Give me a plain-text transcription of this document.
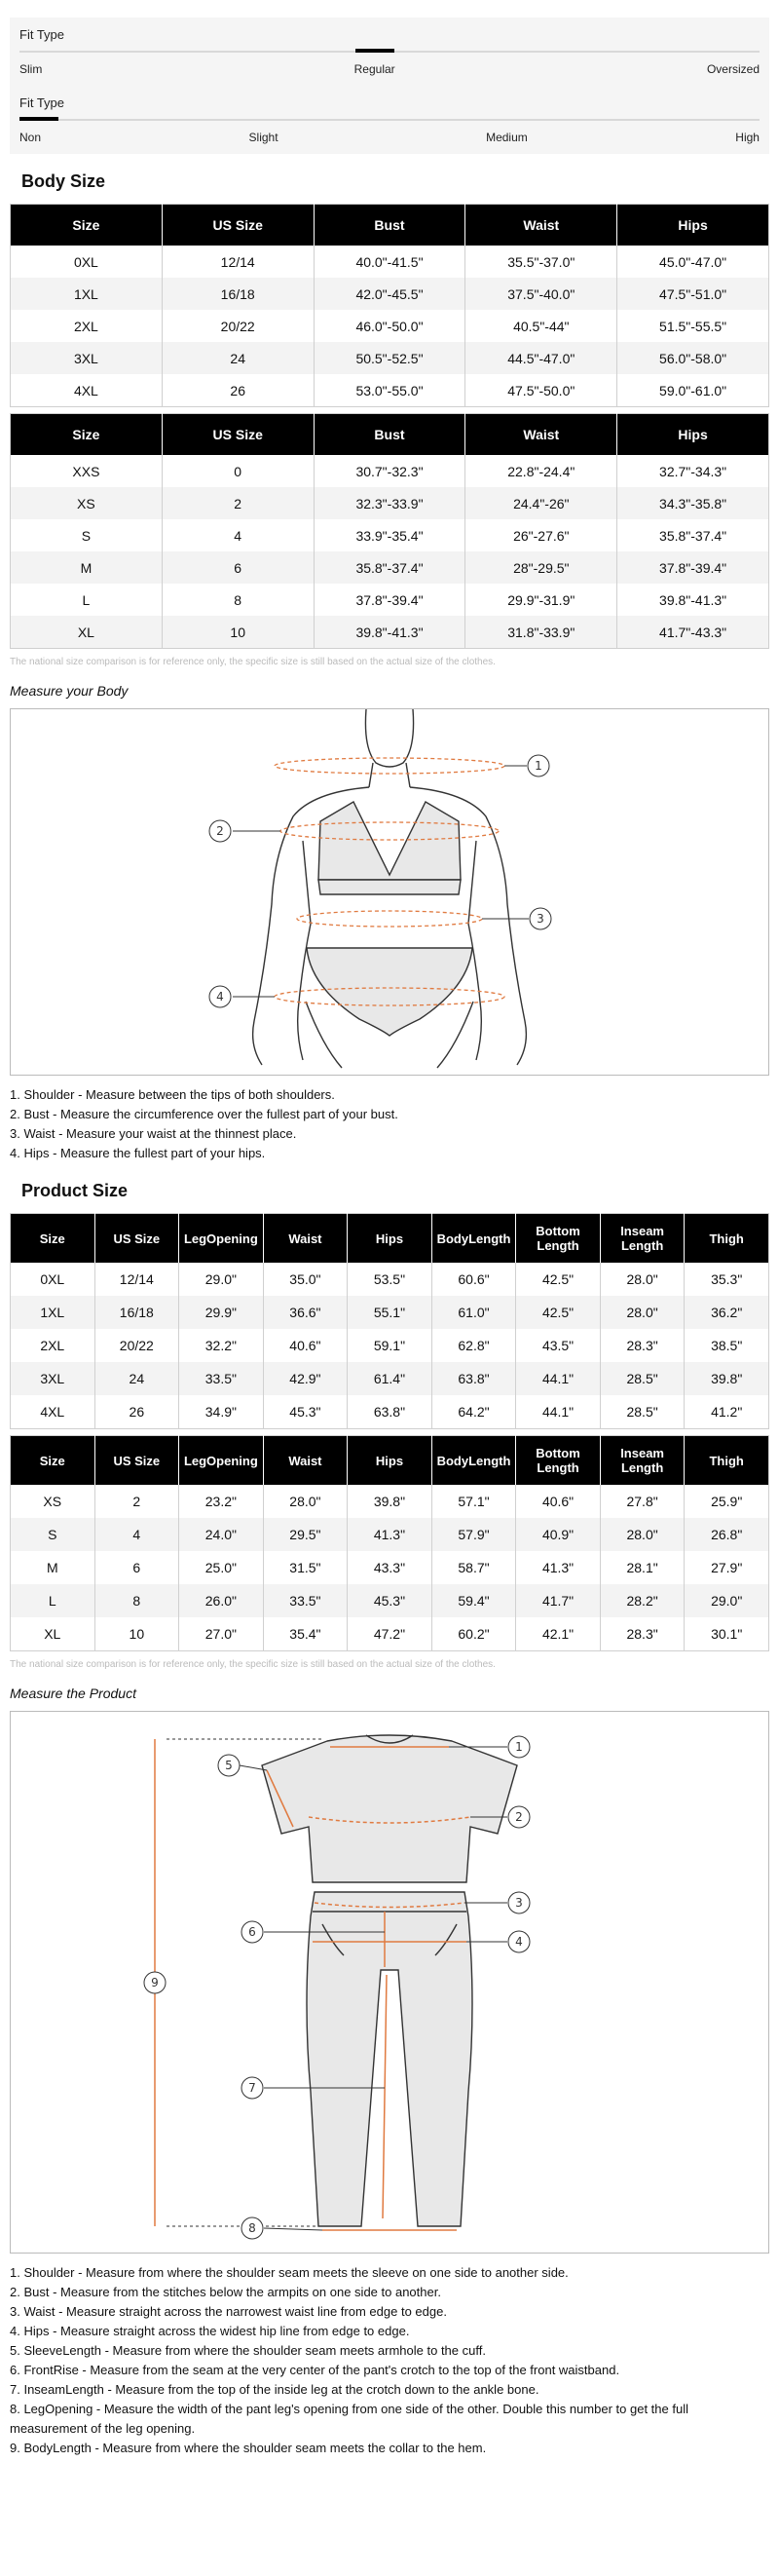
Fit Type
Slim	Regular	Oversized
Fit Type
Non	Slight	Medium	High
Body Size
Size	US Size	Bust	Waist	Hips
0XL	12/14	40.0"-41.5"	35.5"-37.0"	45.0"-47.0"
1XL	16/18	42.0"-45.5"	37.5"-40.0"	47.5"-51.0"
2XL	20/22	46.0"-50.0"	40.5"-44"	51.5"-55.5"
3XL	24	50.5"-52.5"	44.5"-47.0"	56.0"-58.0"
4XL	26	53.0"-55.0"	47.5"-50.0"	59.0"-61.0"
Size	US Size	Bust	Waist	Hips
XXS	0	30.7"-32.3"	22.8"-24.4"	32.7"-34.3"
XS	2	32.3"-33.9"	24.4"-26"	34.3"-35.8"
S	4	33.9"-35.4"	26"-27.6"	35.8"-37.4"
M	6	35.8"-37.4"	28"-29.5"	37.8"-39.4"
L	8	37.8"-39.4"	29.9"-31.9"	39.8"-41.3"
XL	10	39.8"-41.3"	31.8"-33.9"	41.7"-43.3"
The national size comparison is for reference only, the specific size is still based on the actual size of the clothes.
Measure your Body
1
2
3
4
1. Shoulder - Measure between the tips of both shoulders.
2. Bust - Measure the circumference over the fullest part of your bust.
3. Waist - Measure your waist at the thinnest place.
4. Hips - Measure the fullest part of your hips.
Product Size
Size	US Size	LegOpening	Waist	Hips	BodyLength	Bottom Length	Inseam Length	Thigh
0XL	12/14	29.0"	35.0"	53.5"	60.6"	42.5"	28.0"	35.3"
1XL	16/18	29.9"	36.6"	55.1"	61.0"	42.5"	28.0"	36.2"
2XL	20/22	32.2"	40.6"	59.1"	62.8"	43.5"	28.3"	38.5"
3XL	24	33.5"	42.9"	61.4"	63.8"	44.1"	28.5"	39.8"
4XL	26	34.9"	45.3"	63.8"	64.2"	44.1"	28.5"	41.2"
Size	US Size	LegOpening	Waist	Hips	BodyLength	Bottom Length	Inseam Length	Thigh
XS	2	23.2"	28.0"	39.8"	57.1"	40.6"	27.8"	25.9"
S	4	24.0"	29.5"	41.3"	57.9"	40.9"	28.0"	26.8"
M	6	25.0"	31.5"	43.3"	58.7"	41.3"	28.1"	27.9"
L	8	26.0"	33.5"	45.3"	59.4"	41.7"	28.2"	29.0"
XL	10	27.0"	35.4"	47.2"	60.2"	42.1"	28.3"	30.1"
The national size comparison is for reference only, the specific size is still based on the actual size of the clothes.
Measure the Product
1
2
3
4
5
6
7
8
9
1. Shoulder - Measure from where the shoulder seam meets the sleeve on one side to another side.
2. Bust - Measure from the stitches below the armpits on one side to another.
3. Waist - Measure straight across the narrowest waist line from edge to edge.
4. Hips - Measure straight across the widest hip line from edge to edge.
5. SleeveLength - Measure from where the shoulder seam meets armhole to the cuff.
6. FrontRise - Measure from the seam at the very center of the pant's crotch to the top of the front waistband.
7. InseamLength - Measure from the top of the inside leg at the crotch down to the ankle bone.
8. LegOpening - Measure the width of the pant leg's opening from one side of the other. Double this number to get the full measurement of the leg opening.
9. BodyLength - Measure from where the shoulder seam meets the collar to the hem.
